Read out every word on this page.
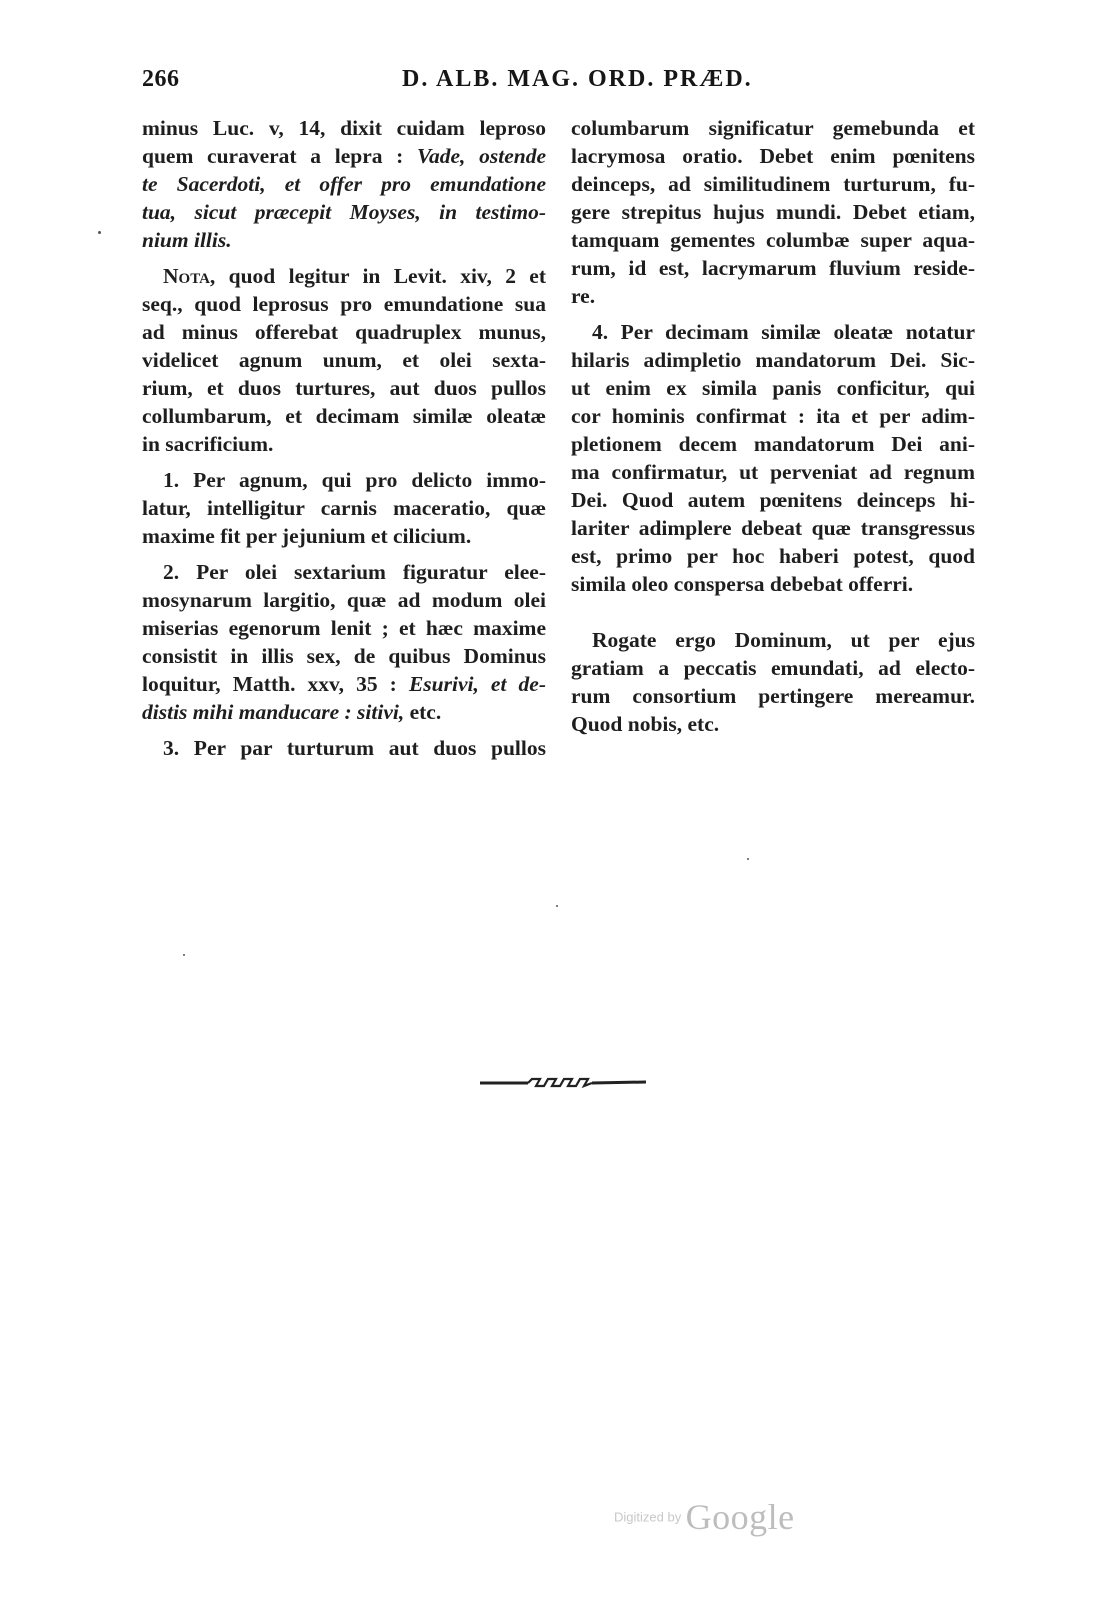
266	D. ALB. MAG. ORD. PRÆD.
minus Luc. v, 14, dixit cuidam leproso
quem curaverat a lepra : Vade, ostende
te Sacerdoti, et offer pro emundatione
tua, sicut præcepit Moyses, in testimo-
nium illis.
Nota, quod legitur in Levit. xiv, 2 et
seq., quod leprosus pro emundatione sua
ad minus offerebat quadruplex munus,
videlicet agnum unum, et olei sexta-
rium, et duos turtures, aut duos pullos
collumbarum, et decimam similæ oleatæ
in sacrificium.
1. Per agnum, qui pro delicto immo-
latur, intelligitur carnis maceratio, quæ
maxime fit per jejunium et cilicium.
2. Per olei sextarium figuratur elee-
mosynarum largitio, quæ ad modum olei
miserias egenorum lenit ; et hæc maxime
consistit in illis sex, de quibus Dominus
loquitur, Matth. xxv, 35 : Esurivi, et de-
distis mihi manducare : sitivi, etc.
3. Per par turturum aut duos pullos
columbarum significatur gemebunda et
lacrymosa oratio. Debet enim pœnitens
deinceps, ad similitudinem turturum, fu-
gere strepitus hujus mundi. Debet etiam,
tamquam gementes columbæ super aqua-
rum, id est, lacrymarum fluvium reside-
re.
4. Per decimam similæ oleatæ notatur
hilaris adimpletio mandatorum Dei. Sic-
ut enim ex simila panis conficitur, qui
cor hominis confirmat : ita et per adim-
pletionem decem mandatorum Dei ani-
ma confirmatur, ut perveniat ad regnum
Dei. Quod autem pœnitens deinceps hi-
lariter adimplere debeat quæ transgressus
est, primo per hoc haberi potest, quod
simila oleo conspersa debebat offerri.
Rogate ergo Dominum, ut per ejus
gratiam a peccatis emundati, ad electo-
rum consortium pertingere mereamur.
Quod nobis, etc.
Digitized by Google
